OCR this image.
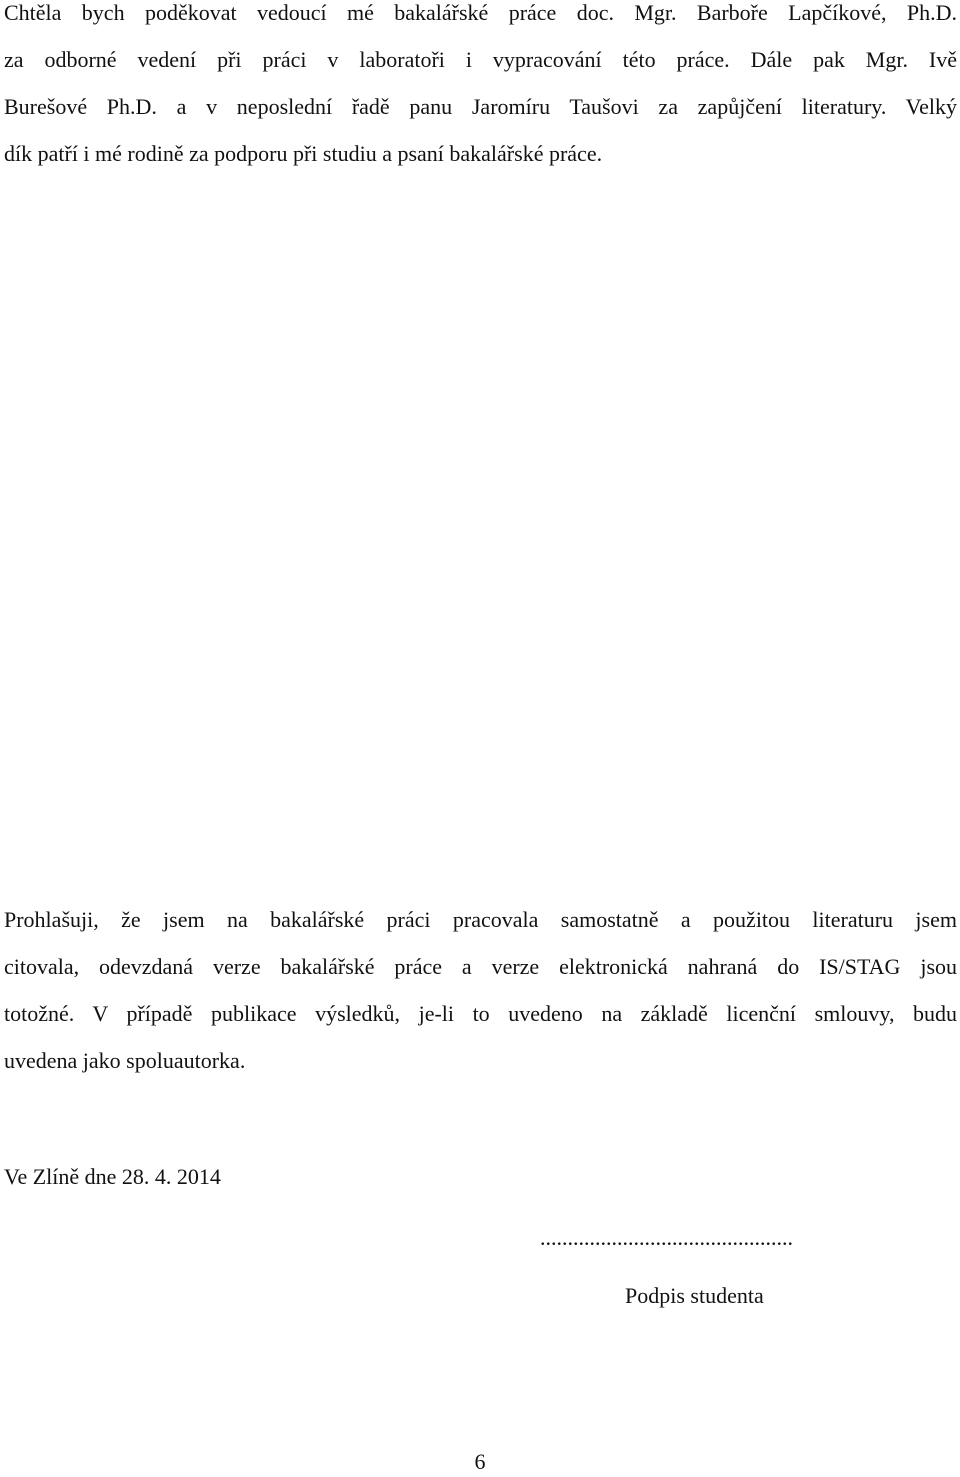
Chtěla bych poděkovat vedoucí mé bakalářské práce doc. Mgr. Barboře Lapčíkové, Ph.D.
za odborné vedení při práci v laboratoři i vypracování této práce. Dále pak Mgr. Ivě
Burešové Ph.D. a v neposlední řadě panu Jaromíru Taušovi za zapůjčení literatury. Velký
dík patří i mé rodině za podporu při studiu a psaní bakalářské práce.
Prohlašuji, že jsem na bakalářské práci pracovala samostatně a použitou literaturu jsem
citovala, odevzdaná verze bakalářské práce a verze elektronická nahraná do IS/STAG jsou
totožné. V případě publikace výsledků, je-li to uvedeno na základě licenční smlouvy, budu
uvedena jako spoluautorka.

Ve Zlíně dne 28. 4. 2014

..............................................

Podpis studenta

6
